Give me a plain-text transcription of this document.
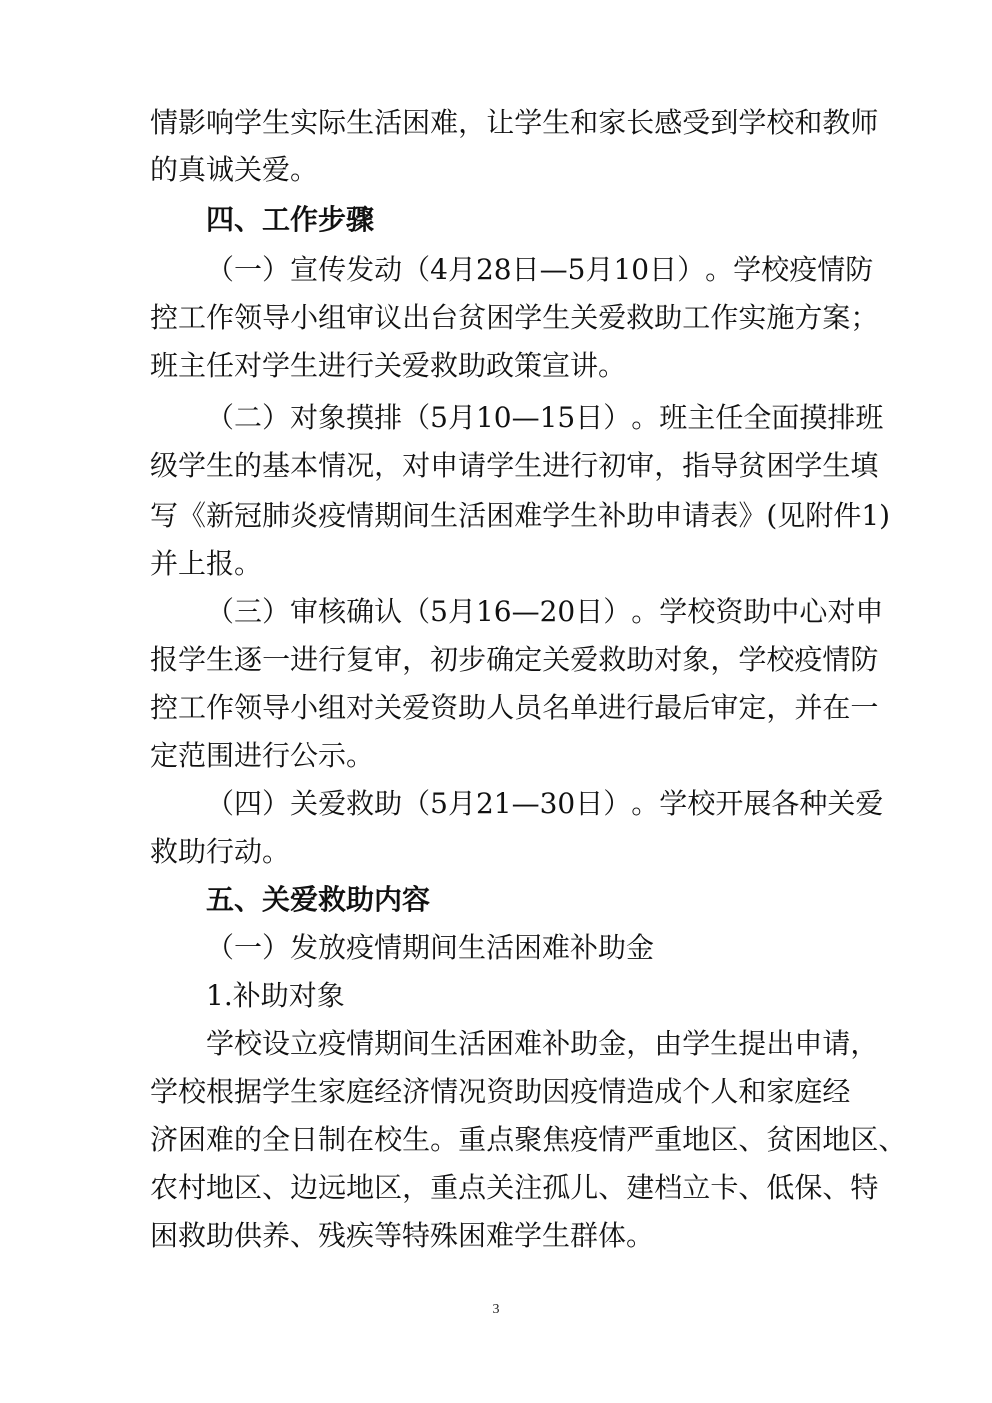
情 影 响 学 生 实 际 生 活 困 难 ， 让 学 生 和 家 长 感 受 到 学 校 和 教 师
的真诚关爱。
四、工作步骤
（ 一 ） 宣 传 发 动 （ 4 月 28 日 — 5 月 10 日 ） 。 学 校 疫 情 防
控 工 作 领 导 小 组 审 议 出 台 贫 困 学 生 关 爱 救 助 工 作 实 施 方 案 ；
班主任对学生进行关爱救助政策宣讲。
（ 二 ） 对 象 摸 排 （ 5 月 10 — 15 日 ） 。 班 主 任 全 面 摸 排 班
级 学 生 的 基 本 情 况 ， 对 申 请 学 生 进 行 初 审 ， 指 导 贫 困 学 生 填
写 《 新 冠 肺 炎 疫 情 期 间 生 活 困 难 学 生 补 助 申 请 表 》 ( 见 附 件 1 )
并上报。
（ 三 ） 审 核 确 认 （ 5 月 16 — 20 日 ） 。 学 校 资 助 中 心 对 申
报 学 生 逐 一 进 行 复 审 ， 初 步 确 定 关 爱 救 助 对 象 ， 学 校 疫 情 防
控 工 作 领 导 小 组 对 关 爱 资 助 人 员 名 单 进 行 最 后 审 定 ， 并 在 一
定范围进行公示。
（ 四 ） 关 爱 救 助 （ 5 月 21 — 30 日 ） 。 学 校 开 展 各 种 关 爱
救助行动。
五、关爱救助内容
（一）发放疫情期间生活困难补助金
1.补助对象
学 校 设 立 疫 情 期 间 生 活 困 难 补 助 金 ， 由 学 生 提 出 申 请 ，
学 校 根 据 学 生 家 庭 经 济 情 况 资 助 因 疫 情 造 成 个 人 和 家 庭 经
济 困 难 的 全 日 制 在 校 生 。 重 点 聚 焦 疫 情 严 重 地 区 、 贫 困 地 区 、
农 村 地 区 、 边 远 地 区 ， 重 点 关 注 孤 儿 、 建 档 立 卡 、 低 保 、 特
困救助供养、残疾等特殊困难学生群体。
3
